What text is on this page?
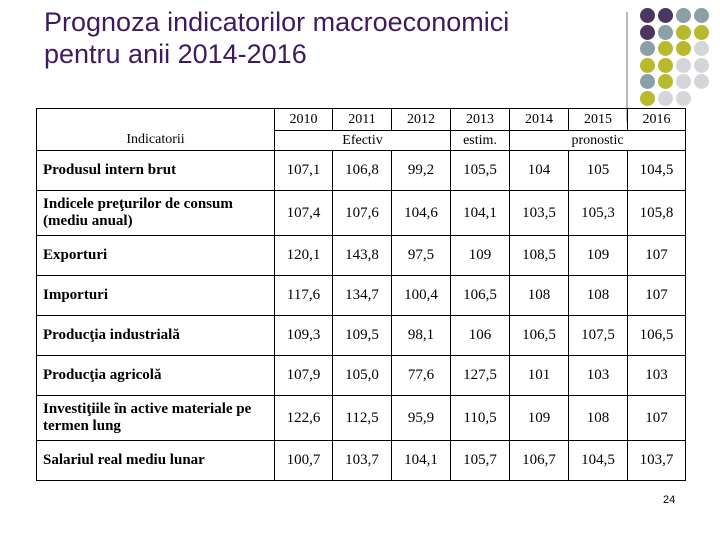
Prognoza indicatorilor macroeconomici
pentru anii 2014-2016
	2010	2011	2012	2013	2014	2015	2016
Indicatorii	Efectiv			estim.	pronostic		
Produsul intern brut	107,1	106,8	99,2	105,5	104	105	104,5
Indicele preţurilor de consum (mediu anual)	107,4	107,6	104,6	104,1	103,5	105,3	105,8
Exporturi	120,1	143,8	97,5	109	108,5	109	107
Importuri	117,6	134,7	100,4	106,5	108	108	107
Producţia industrială	109,3	109,5	98,1	106	106,5	107,5	106,5
Producţia agricolă	107,9	105,0	77,6	127,5	101	103	103
Investiţiile în active materiale pe termen lung	122,6	112,5	95,9	110,5	109	108	107
Salariul real mediu lunar	100,7	103,7	104,1	105,7	106,7	104,5	103,7
24
